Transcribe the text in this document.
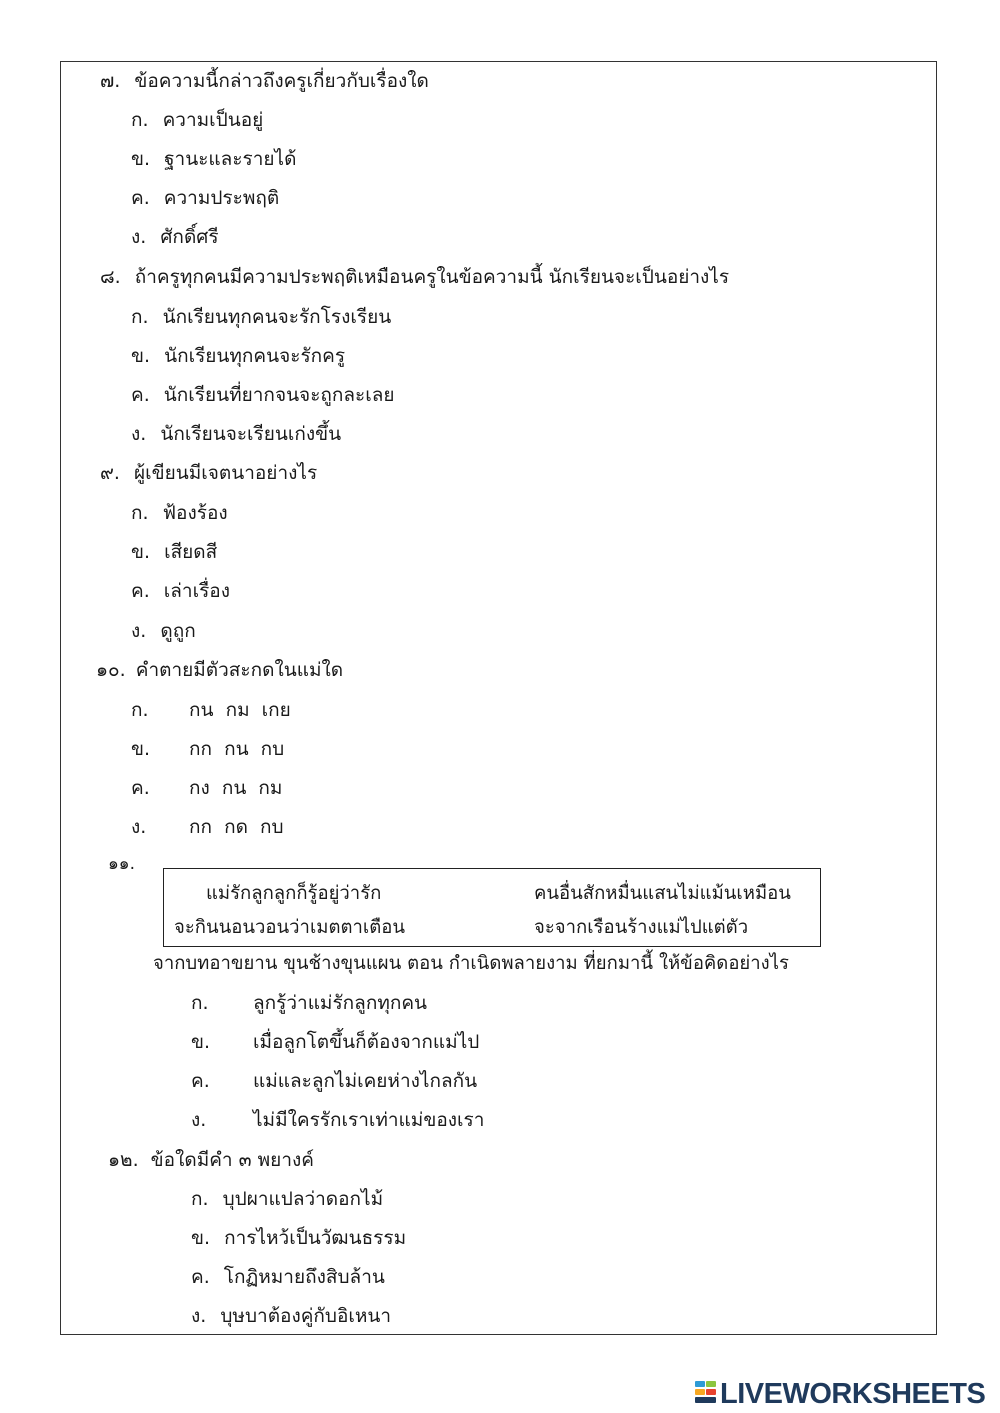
๗. ข้อความนี้กล่าวถึงครูเกี่ยวกับเรื่องใด
ก. ความเป็นอยู่
ข. ฐานะและรายได้
ค. ความประพฤติ
ง. ศักดิ์ศรี
๘. ถ้าครูทุกคนมีความประพฤติเหมือนครูในข้อความนี้ นักเรียนจะเป็นอย่างไร
ก. นักเรียนทุกคนจะรักโรงเรียน
ข. นักเรียนทุกคนจะรักครู
ค. นักเรียนที่ยากจนจะถูกละเลย
ง. นักเรียนจะเรียนเก่งขึ้น
๙. ผู้เขียนมีเจตนาอย่างไร
ก. ฟ้องร้อง
ข. เสียดสี
ค. เล่าเรื่อง
ง. ดูถูก
๑๐. คำตายมีตัวสะกดในแม่ใด
ก. กน  กม  เกย
ข. กก  กน  กบ
ค. กง  กน  กม
ง. กก  กด  กบ
๑๑.
แม่รักลูกลูกก็รู้อยู่ว่ารัก	คนอื่นสักหมื่นแสนไม่แม้นเหมือน
จะกินนอนวอนว่าเมตตาเตือน	จะจากเรือนร้างแม่ไปแต่ตัว
จากบทอาขยาน ขุนช้างขุนแผน ตอน กำเนิดพลายงาม ที่ยกมานี้ ให้ข้อคิดอย่างไร
ก. ลูกรู้ว่าแม่รักลูกทุกคน
ข. เมื่อลูกโตขึ้นก็ต้องจากแม่ไป
ค. แม่และลูกไม่เคยห่างไกลกัน
ง. ไม่มีใครรักเราเท่าแม่ของเรา
๑๒. ข้อใดมีคำ ๓ พยางค์
ก. บุปผาแปลว่าดอกไม้
ข. การไหว้เป็นวัฒนธรรม
ค. โกฏิหมายถึงสิบล้าน
ง. บุษบาต้องคู่กับอิเหนา
LIVEWORKSHEETS
